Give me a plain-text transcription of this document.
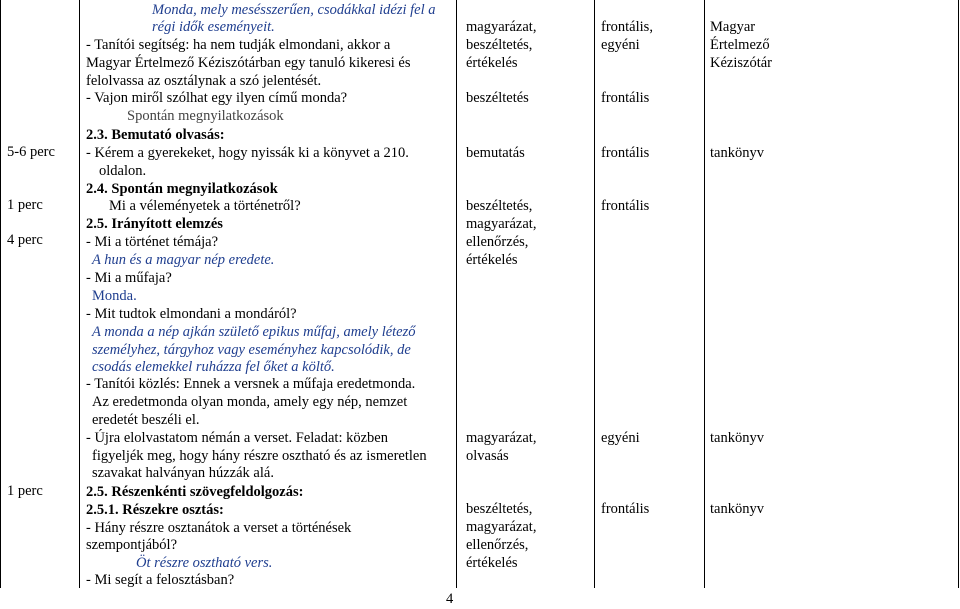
5-6 perc
1 perc
4 perc
1 perc
Monda, mely mesésszerűen, csodákkal idézi fel a
régi idők eseményeit.
- Tanítói segítség: ha nem tudják elmondani, akkor a
Magyar Értelmező Kéziszótárban egy tanuló kikeresi és
felolvassa az osztálynak a szó jelentését.
- Vajon miről szólhat egy ilyen című monda?
Spontán megnyilatkozások
2.3. Bemutató olvasás:
- Kérem a gyerekeket, hogy nyissák ki a könyvet a 210.
oldalon.
2.4. Spontán megnyilatkozások
Mi a véleményetek a történetről?
2.5. Irányított elemzés
- Mi a történet témája?
A hun és a magyar nép eredete.
- Mi a műfaja?
Monda.
- Mit tudtok elmondani a mondáról?
A monda a nép ajkán születő epikus műfaj, amely létező
személyhez, tárgyhoz vagy eseményhez kapcsolódik, de
csodás elemekkel ruházza fel őket a költő.
- Tanítói közlés: Ennek a versnek a műfaja eredetmonda.
Az eredetmonda olyan monda, amely egy nép, nemzet
eredetét beszéli el.
- Újra elolvastatom némán a verset. Feladat: közben
figyeljék meg, hogy hány részre osztható és az ismeretlen
szavakat halványan húzzák alá.
2.5. Részenkénti szövegfeldolgozás:
2.5.1. Részekre osztás:
- Hány részre osztanátok a verset a történések
szempontjából?
Öt részre osztható vers.
- Mi segít a felosztásban?
magyarázat,
beszéltetés,
értékelés
beszéltetés
bemutatás
beszéltetés,
magyarázat,
ellenőrzés,
értékelés
magyarázat,
olvasás
beszéltetés,
magyarázat,
ellenőrzés,
értékelés
frontális,
egyéni
frontális
frontális
frontális
egyéni
frontális
Magyar
Értelmező
Kéziszótár
tankönyv
tankönyv
tankönyv
4
